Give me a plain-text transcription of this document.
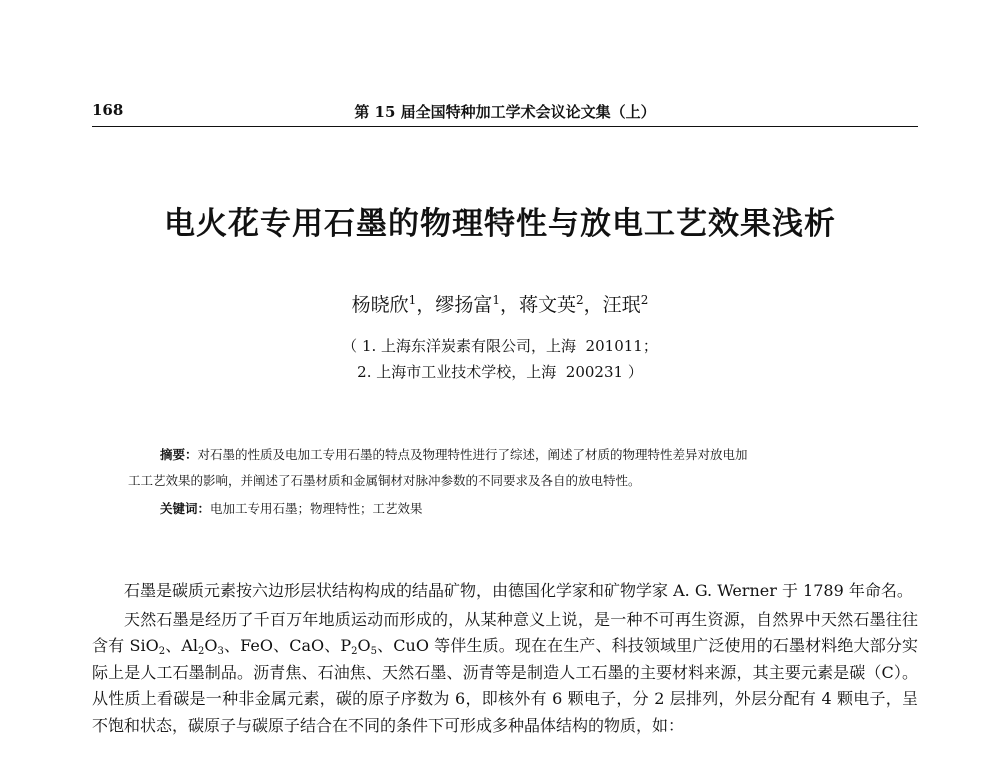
168	第 15 届全国特种加工学术会议论文集（上）
电火花专用石墨的物理特性与放电工艺效果浅析
杨晓欣$^1$，缪扬富$^1$，蒋文英$^2$，汪珉$^2$
（ 1. 上海东洋炭素有限公司，上海  201011；
2. 上海市工业技术学校，上海  200231 ）

摘要：对石墨的性质及电加工专用石墨的特点及物理特性进行了综述，阐述了材质的物理特性差异对放电加

工工艺效果的影响，并阐述了石墨材质和金属铜材对脉冲参数的不同要求及各自的放电特性。

关键词：电加工专用石墨；物理特性；工艺效果

石墨是碳质元素按六边形层状结构构成的结晶矿物，由德国化学家和矿物学家 A. G. Werner 于 1789 年命名。

天然石墨是经历了千百万年地质运动而形成的，从某种意义上说，是一种不可再生资源，自然界中天然石墨往往含有 SiO$_2$、$Al_2O_3$、FeO、CaO、$P_2O_5$、CuO 等伴生质。现在在生产、科技领域里广泛使用的石墨材料绝大部分实际上是人工石墨制品。沥青焦、石油焦、天然石墨、沥青等是制造人工石墨的主要材料来源，其主要元素是碳（C）。从性质上看碳是一种非金属元素，碳的原子序数为 6，即核外有 6 颗电子，分 2 层排列，外层分配有 4 颗电子，呈不饱和状态，碳原子与碳原子结合在不同的条件下可形成多种晶体结构的物质，如：
